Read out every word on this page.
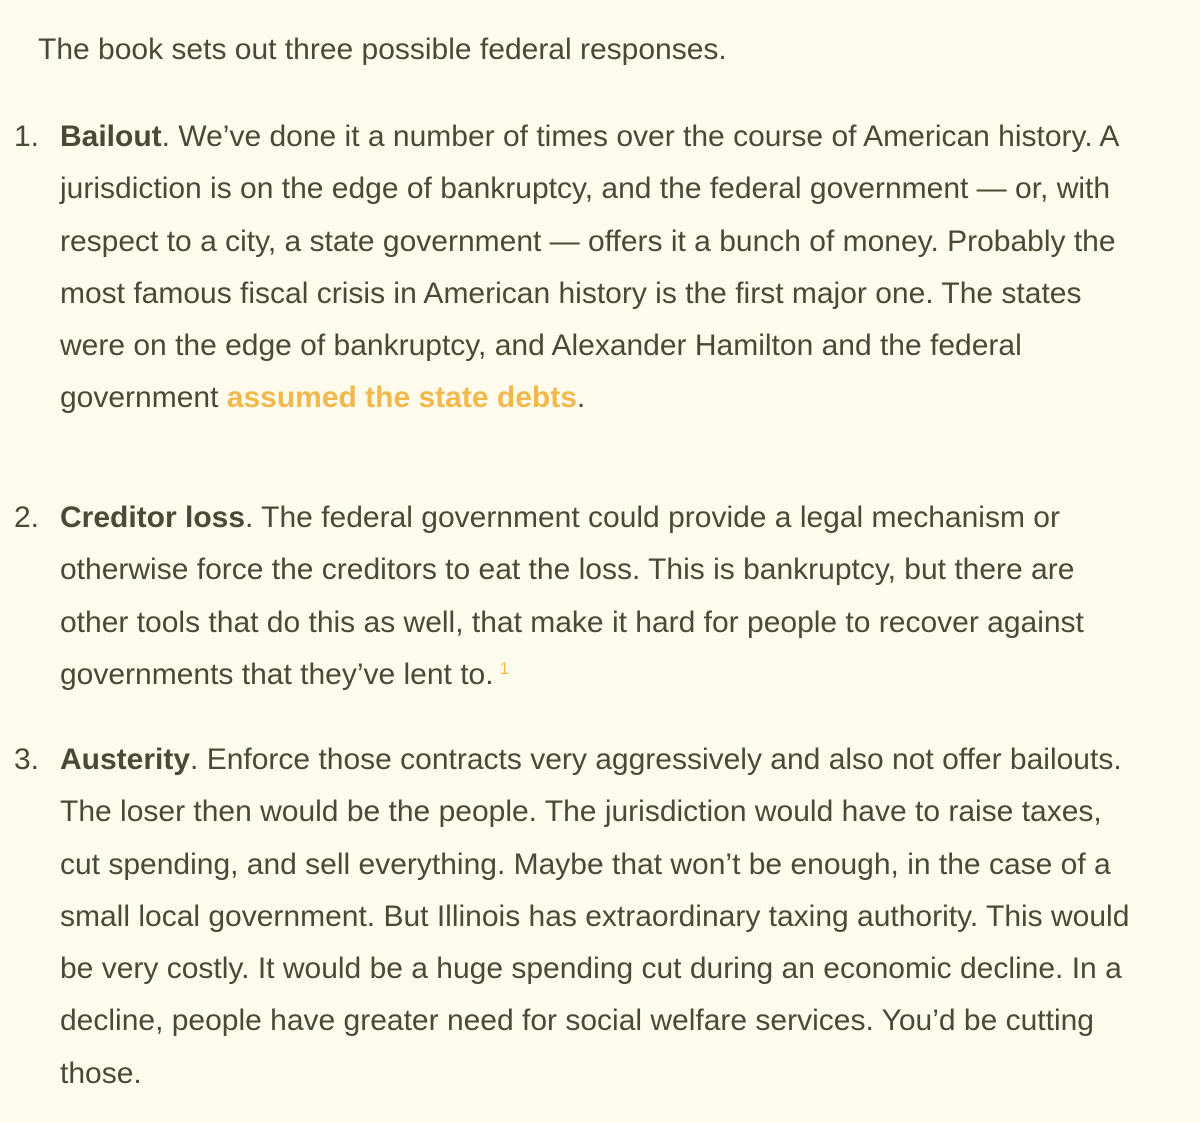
The book sets out three possible federal responses.

1. Bailout. We’ve done it a number of times over the course of American history. A jurisdiction is on the edge of bankruptcy, and the federal government — or, with respect to a city, a state government — offers it a bunch of money. Probably the most famous fiscal crisis in American history is the first major one. The states were on the edge of bankruptcy, and Alexander Hamilton and the federal government assumed the state debts.
2. Creditor loss. The federal government could provide a legal mechanism or otherwise force the creditors to eat the loss. This is bankruptcy, but there are other tools that do this as well, that make it hard for people to recover against governments that they’ve lent to. $^1$
3. Austerity. Enforce those contracts very aggressively and also not offer bailouts. The loser then would be the people. The jurisdiction would have to raise taxes, cut spending, and sell everything. Maybe that won’t be enough, in the case of a small local government. But Illinois has extraordinary taxing authority. This would be very costly. It would be a huge spending cut during an economic decline. In a decline, people have greater need for social welfare services. You’d be cutting those.
